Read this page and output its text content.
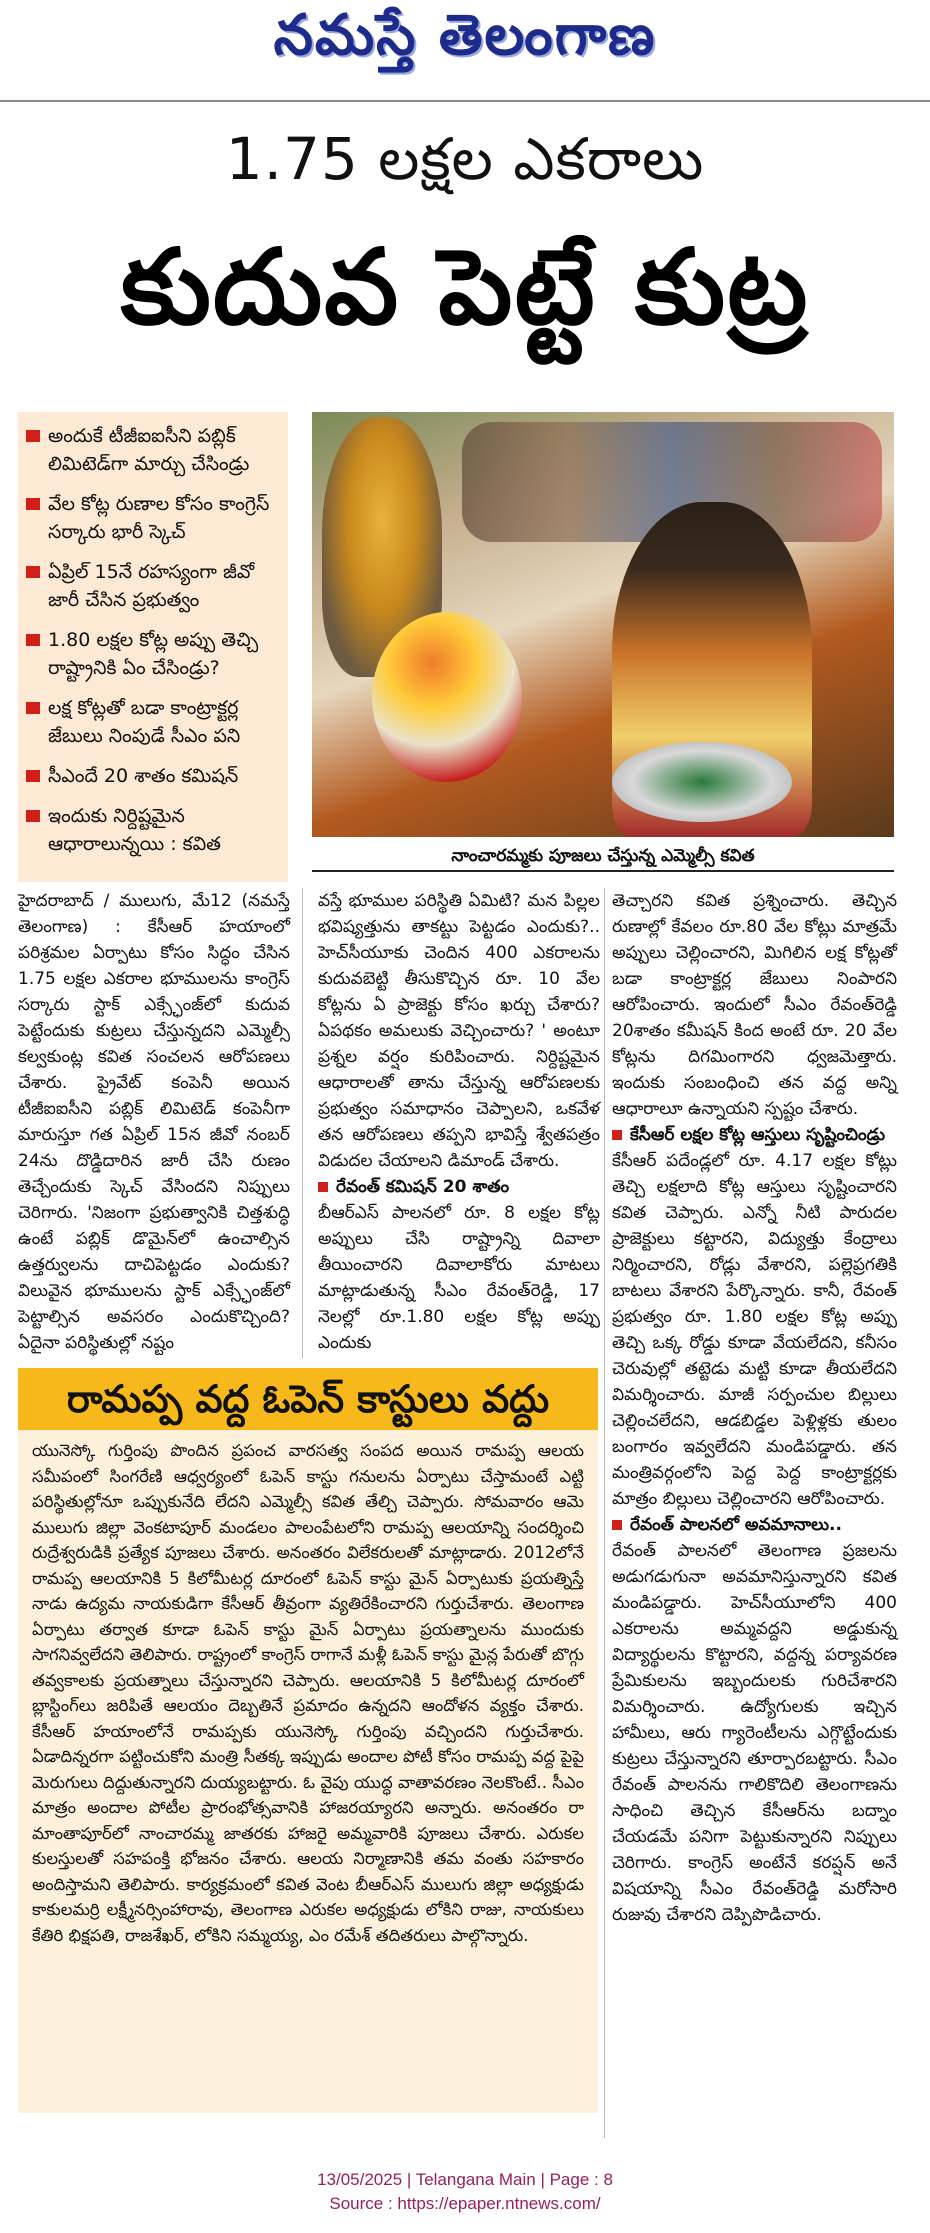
నమస్తే తెలంగాణ
1.75 లక్షల ఎకరాలు
కుదువ పెట్టే కుట్ర
అందుకే టీజీఐఐసీని పబ్లిక్ లిమిటెడ్‌గా మార్చు చేసిండ్రు
వేల కోట్ల రుణాల కోసం కాంగ్రెస్ సర్కారు భారీ స్కెచ్
ఏప్రిల్ 15నే రహస్యంగా జీవో జారీ చేసిన ప్రభుత్వం
1.80 లక్షల కోట్ల అప్పు తెచ్చి రాష్ట్రానికి ఏం చేసిండ్రు?
లక్ష కోట్లతో బడా కాంట్రాక్టర్ల జేబులు నింపుడే సీఎం పని
సీఎందే 20 శాతం కమిషన్
ఇందుకు నిర్దిష్టమైన ఆధారాలున్నయి : కవిత
నాంచారమ్మకు పూజలు చేస్తున్న ఎమ్మెల్సీ కవిత

హైదరాబాద్ / ములుగు, మే12 (నమస్తే తెలంగాణ) : కేసీఆర్ హయాంలో పరిశ్రమల ఏర్పాటు కోసం సిద్ధం చేసిన 1.75 లక్షల ఎకరాల భూములను కాంగ్రెస్ సర్కారు స్టాక్ ఎక్స్ఛేంజ్‌లో కుదువ పెట్టేందుకు కుట్రలు చేస్తున్నదని ఎమ్మెల్సీ కల్వకుంట్ల కవిత సంచలన ఆరోపణలు చేశారు. ప్రైవేట్ కంపెనీ అయిన టీజీఐఐసీని పబ్లిక్ లిమిటెడ్ కంపెనీగా మారుస్తూ గత ఏప్రిల్ 15న జీవో నంబర్ 24ను దొడ్డిదారిన జారీ చేసి రుణం తెచ్చేందుకు స్కెచ్ వేసిందని నిప్పులు చెరిగారు. 'నిజంగా ప్రభుత్వానికి చిత్తశుద్ధి ఉంటే పబ్లిక్ డొమైన్‌లో ఉంచాల్సిన ఉత్తర్వులను దాచిపెట్టడం ఎందుకు? విలువైన భూములను స్టాక్ ఎక్స్ఛేంజ్‌లో పెట్టాల్సిన అవసరం ఎందుకొచ్చింది? ఏదైనా పరిస్థితుల్లో నష్టం

వస్తే భూముల పరిస్థితి ఏమిటి? మన పిల్లల భవిష్యత్తును తాకట్టు పెట్టడం ఎందుకు?.. హెచ్‌సీయూకు చెందిన 400 ఎకరాలను కుదువబెట్టి తీసుకొచ్చిన రూ. 10 వేల కోట్లను ఏ ప్రాజెక్టు కోసం ఖర్చు చేశారు? ఏపథకం అమలుకు వెచ్చించారు? ' అంటూ ప్రశ్నల వర్షం కురిపించారు. నిర్దిష్టమైన ఆధారాలతో తాను చేస్తున్న ఆరోపణలకు ప్రభుత్వం సమాధానం చెప్పాలని, ఒకవేళ తన ఆరోపణలు తప్పని భావిస్తే శ్వేతపత్రం విడుదల చేయాలని డిమాండ్ చేశారు.

రేవంత్ కమిషన్ 20 శాతం

బీఆర్‌ఎస్ పాలనలో రూ. 8 లక్షల కోట్ల అప్పులు చేసి రాష్ట్రాన్ని దివాలా తీయించారని దివాలాకోరు మాటలు మాట్లాడుతున్న సీఎం రేవంత్‌రెడ్డి, 17 నెలల్లో రూ.1.80 లక్షల కోట్ల అప్పు ఎందుకు

తెచ్చారని కవిత ప్రశ్నించారు. తెచ్చిన రుణాల్లో కేవలం రూ.80 వేల కోట్లు మాత్రమే అప్పులు చెల్లించారని, మిగిలిన లక్ష కోట్లతో బడా కాంట్రాక్టర్ల జేబులు నింపారని ఆరోపించారు. ఇందులో సీఎం రేవంత్‌రెడ్డి 20శాతం కమీషన్ కింద అంటే రూ. 20 వేల కోట్లను దిగమింగారని ధ్వజమెత్తారు. ఇందుకు సంబంధించి తన వద్ద అన్ని ఆధారాలూ ఉన్నాయని స్పష్టం చేశారు.

కేసీఆర్ లక్షల కోట్ల ఆస్తులు సృష్టించిండ్రు

కేసీఆర్ పదేండ్లలో రూ. 4.17 లక్షల కోట్లు తెచ్చి లక్షలాది కోట్ల ఆస్తులు సృష్టించారని కవిత చెప్పారు. ఎన్నో నీటి పారుదల ప్రాజెక్టులు కట్టారని, విద్యుత్తు కేంద్రాలు నిర్మించారని, రోడ్లు వేశారని, పల్లెప్రగతికి బాటలు వేశారని పేర్కొన్నారు. కానీ, రేవంత్ ప్రభుత్వం రూ. 1.80 లక్షల కోట్ల అప్పు తెచ్చి ఒక్క రోడ్డు కూడా వేయలేదని, కనీసం చెరువుల్లో తట్టెడు మట్టి కూడా తీయలేదని విమర్శించారు. మాజీ సర్పంచుల బిల్లులు చెల్లించలేదని, ఆడబిడ్డల పెళ్లిళ్లకు తులం బంగారం ఇవ్వలేదని మండిపడ్డారు. తన మంత్రివర్గంలోని పెద్ద పెద్ద కాంట్రాక్టర్లకు మాత్రం బిల్లులు చెల్లించారని ఆరోపించారు.

రేవంత్ పాలనలో అవమానాలు..

రేవంత్ పాలనలో తెలంగాణ ప్రజలను అడుగడుగునా అవమానిస్తున్నారని కవిత మండిపడ్డారు. హెచ్‌సీయూలోని 400 ఎకరాలను అమ్మవద్దని అడ్డుకున్న విద్యార్థులను కొట్టారని, వద్దన్న పర్యావరణ ప్రేమికులను ఇబ్బందులకు గురిచేశారని విమర్శించారు. ఉద్యోగులకు ఇచ్చిన హామీలు, ఆరు గ్యారెంటీలను ఎగ్గొట్టేందుకు కుట్రలు చేస్తున్నారని తూర్పారబట్టారు. సీఎం రేవంత్ పాలనను గాలికొదిలి తెలంగాణను సాధించి తెచ్చిన కేసీఆర్‌ను బద్నాం చేయడమే పనిగా పెట్టుకున్నారని నిప్పులు చెరిగారు. కాంగ్రెస్ అంటేనే కరప్షన్ అనే విషయాన్ని సీఎం రేవంత్‌రెడ్డి మరోసారి రుజువు చేశారని దెప్పిపొడిచారు.

రామప్ప వద్ద ఓపెన్ కాస్టులు వద్దు
యునెస్కో గుర్తింపు పొందిన ప్రపంచ వారసత్వ సంపద అయిన రామప్ప ఆలయ సమీపంలో సింగరేణి ఆధ్వర్యంలో ఓపెన్ కాస్టు గనులను ఏర్పాటు చేస్తామంటే ఎట్టి పరిస్థితుల్లోనూ ఒప్పుకునేది లేదని ఎమ్మెల్సీ కవిత తేల్చి చెప్పారు. సోమవారం ఆమె ములుగు జిల్లా వెంకటాపూర్ మండలం పాలంపేటలోని రామప్ప ఆలయాన్ని సందర్శించి రుద్రేశ్వరుడికి ప్రత్యేక పూజలు చేశారు. అనంతరం విలేకరులతో మాట్లాడారు. 2012లోనే రామప్ప ఆలయానికి 5 కిలోమీటర్ల దూరంలో ఓపెన్ కాస్టు మైన్ ఏర్పాటుకు ప్రయత్నిస్తే నాడు ఉద్యమ నాయకుడిగా కేసీఆర్ తీవ్రంగా వ్యతిరేకించారని గుర్తుచేశారు. తెలంగాణ ఏర్పాటు తర్వాత కూడా ఓపెన్ కాస్టు మైన్ ఏర్పాటు ప్రయత్నాలను ముందుకు సాగనివ్వలేదని తెలిపారు. రాష్ట్రంలో కాంగ్రెస్ రాగానే మళ్లీ ఓపెన్ కాస్టు మైన్ల పేరుతో బొగ్గు తవ్వకాలకు ప్రయత్నాలు చేస్తున్నారని చెప్పారు. ఆలయానికి 5 కిలోమీటర్ల దూరంలో బ్లాస్టింగ్‌లు జరిపితే ఆలయం దెబ్బతినే ప్రమాదం ఉన్నదని ఆందోళన వ్యక్తం చేశారు. కేసీఆర్ హయాంలోనే రామప్పకు యునెస్కో గుర్తింపు వచ్చిందని గుర్తుచేశారు. ఏడాదిన్నరగా పట్టించుకోని మంత్రి సీతక్క ఇప్పుడు అందాల పోటీ కోసం రామప్ప వద్ద పైపై మెరుగులు దిద్దుతున్నారని దుయ్యబట్టారు. ఓ వైపు యుద్ధ వాతావరణం నెలకొంటే.. సీఎం మాత్రం అందాల పోటీల ప్రారంభోత్సవానికి హాజరయ్యారని అన్నారు. అనంతరం రా మాంతాపూర్‌లో నాంచారమ్మ జాతరకు హాజరై అమ్మవారికి పూజలు చేశారు. ఎరుకల కులస్తులతో సహపంక్తి భోజనం చేశారు. ఆలయ నిర్మాణానికి తమ వంతు సహకారం అందిస్తామని తెలిపారు. కార్యక్రమంలో కవిత వెంట బీఆర్‌ఎస్ ములుగు జిల్లా అధ్యక్షుడు కాకులమర్రి లక్ష్మీనర్సింహారావు, తెలంగాణ ఎరుకల అధ్యక్షుడు లోకిని రాజు, నాయకులు కేతిరి భిక్షపతి, రాజశేఖర్, లోకిని సమ్మయ్య, ఎం రమేశ్ తదితరులు పాల్గొన్నారు.
13/05/2025 | Telangana Main | Page : 8
Source : https://epaper.ntnews.com/
